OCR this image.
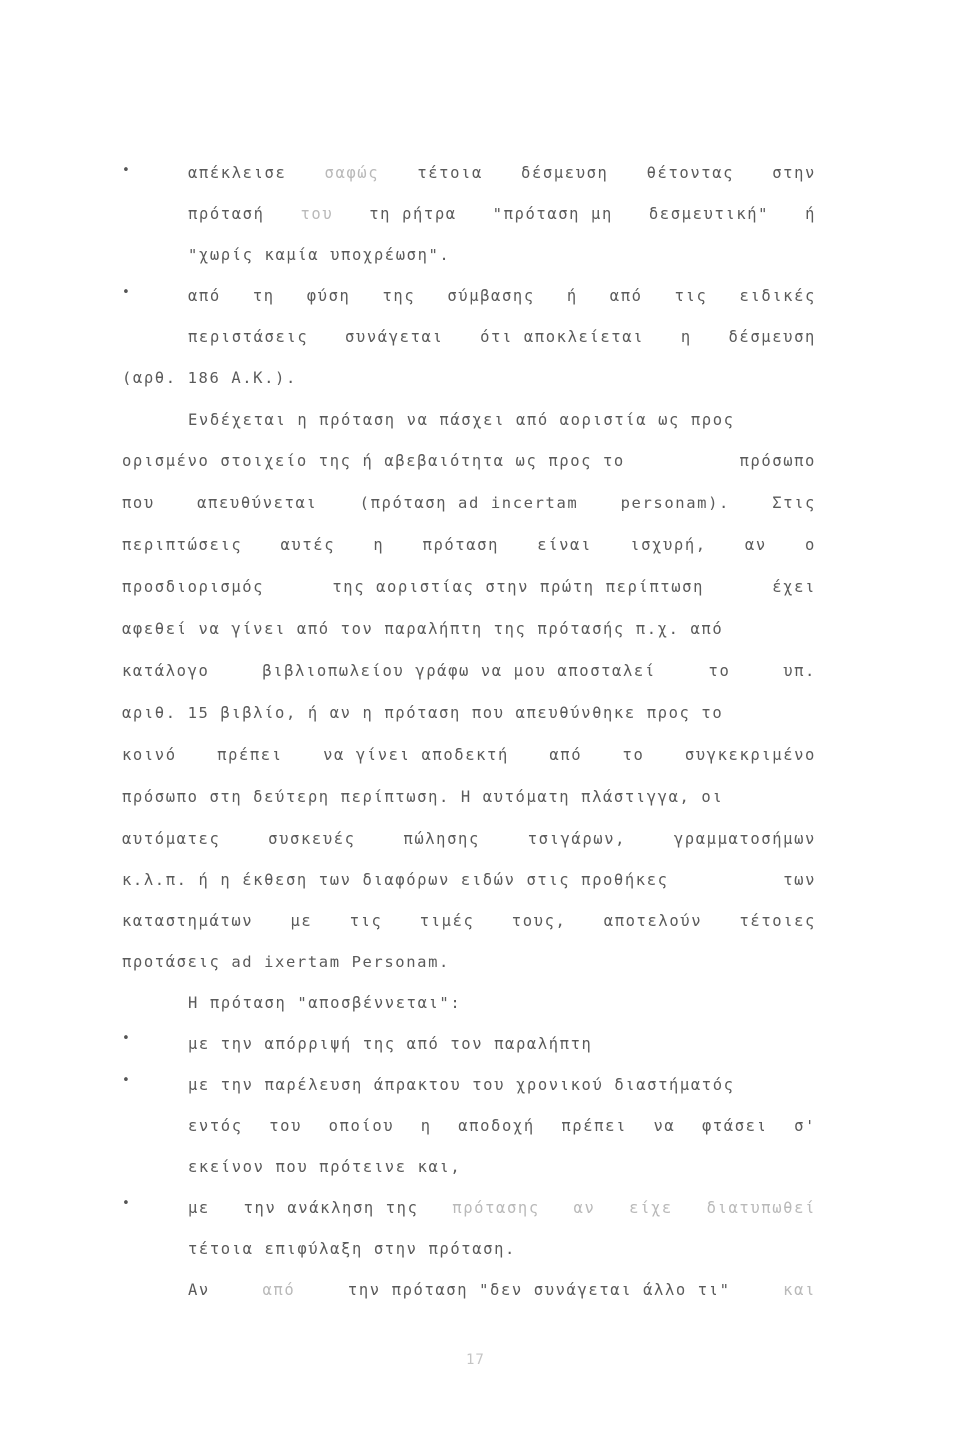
•
•
•
•
•
απέκλεισε σαφώς τέτοια δέσμευση θέτοντας στην
πρότασή του τη ρήτρα "πρόταση μη δεσμευτική" ή
"χωρίς καμία υποχρέωση".
από τη φύση της σύμβασης ή από τις ειδικές
περιστάσεις συνάγεται ότι αποκλείεται η δέσμευση
(αρθ. 186 Α.Κ.).
Ενδέχεται η πρόταση να πάσχει από αοριστία ως προς
ορισμένο στοιχείο της ή αβεβαιότητα ως προς το	πρόσωπο
που	απευθύνεται	(πρόταση ad incertam	personam).	Στις
περιπτώσεις αυτές η πρόταση είναι ισχυρή, αν ο
προσδιορισμός	της αοριστίας στην πρώτη περίπτωση	έχει
αφεθεί να γίνει από τον παραλήπτη της πρότασής π.χ. από
κατάλογο	βιβλιοπωλείου γράφω να μου αποσταλεί	το	υπ.
αριθ. 15 βιβλίο, ή αν η πρόταση που απευθύνθηκε προς το
κοινό	πρέπει	να γίνει αποδεκτή	από	το	συγκεκριμένο
πρόσωπο στη δεύτερη περίπτωση. Η αυτόματη πλάστιγγα, οι
αυτόματες	συσκευές	πώλησης	τσιγάρων,	γραμματοσήμων
κ.λ.π. ή η έκθεση των διαφόρων ειδών στις προθήκες	των
καταστημάτων με τις τιμές τους, αποτελούν τέτοιες
προτάσεις ad ixertam Personam.
Η πρόταση "αποσβέννεται":
με την απόρριψή της από τον παραλήπτη
με την παρέλευση άπρακτου του χρονικού διαστήματός
εντός του οποίου η αποδοχή πρέπει να φτάσει σ'
εκείνον που πρότεινε και,
με την ανάκληση της πρότασης αν είχε διατυπωθεί
τέτοια επιφύλαξη στην πρόταση.
Αν	από	την πρόταση "δεν συνάγεται άλλο τι"	και
17
